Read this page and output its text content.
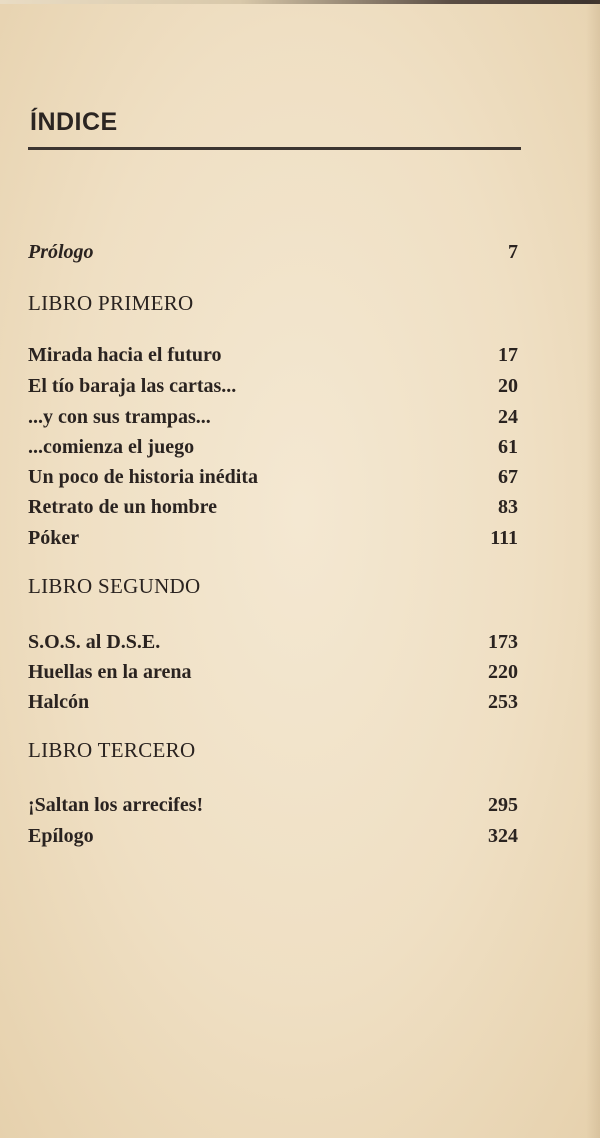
ÍNDICE
Prólogo	7
LIBRO PRIMERO
Mirada hacia el futuro	17
El tío baraja las cartas...	20
...y con sus trampas...	24
...comienza el juego	61
Un poco de historia inédita	67
Retrato de un hombre	83
Póker	111
LIBRO SEGUNDO
S.O.S. al D.S.E.	173
Huellas en la arena	220
Halcón	253
LIBRO TERCERO
¡Saltan los arrecifes!	295
Epílogo	324
